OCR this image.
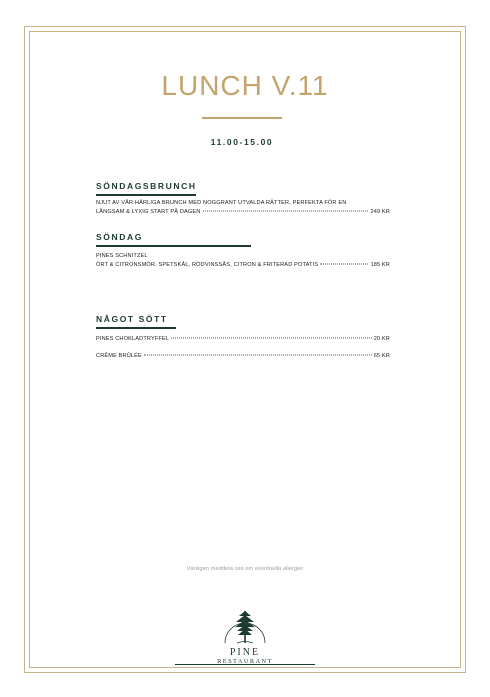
LUNCH V.11
11.00-15.00
SÖNDAGSBRUNCH
NJUT AV VÅR HÄRLIGA BRUNCH MED NOGGRANT UTVALDA RÄTTER, PERFEKTA FÖR EN
LÅNGSAM & LYXIG START PÅ DAGEN	249 KR
SÖNDAG
PINES SCHNITZEL
ÖRT & CITRONSMÖR, SPETSKÅL, RÖDVINSSÅS, CITRON & FRITERAD POTATIS	185 KR
NÅGOT SÖTT
PINES CHOKLADTRYFFEL	20 KR
CRÊME BRÛLÉE	65 KR
Vänligen meddela oss om eventuella allergier
PINE
RESTAURANT
